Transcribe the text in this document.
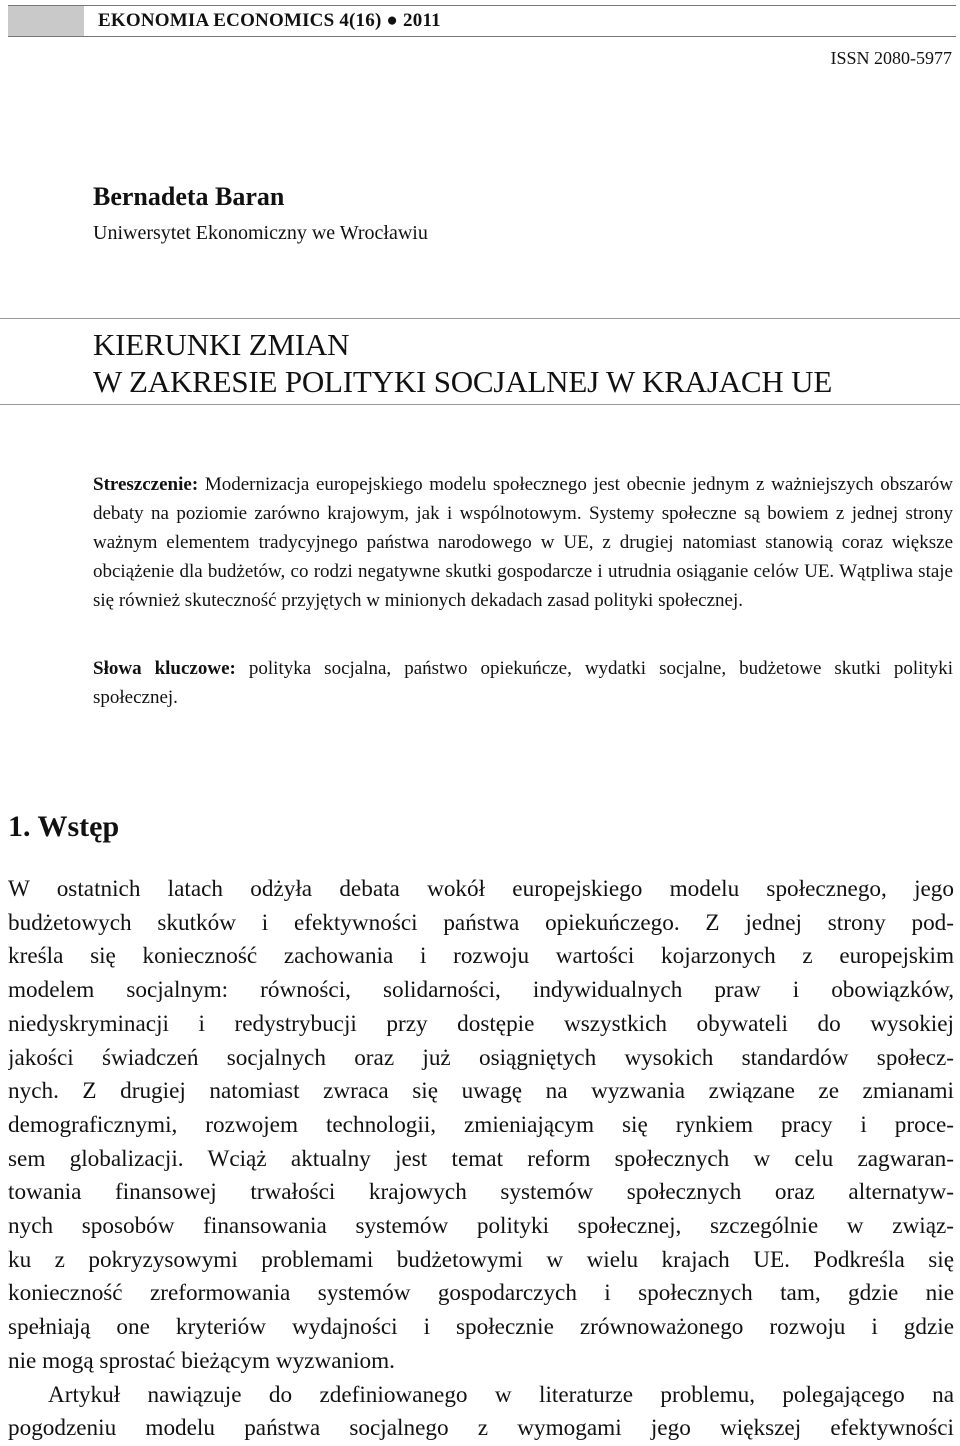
EKONOMIA ECONOMICS 4(16) ● 2011
ISSN 2080-5977
Bernadeta Baran
Uniwersytet Ekonomiczny we Wrocławiu
KIERUNKI ZMIAN
W ZAKRESIE POLITYKI SOCJALNEJ W KRAJACH UE

Streszczenie: Modernizacja europejskiego modelu społecznego jest obecnie jednym z ważniejszych obszarów debaty na poziomie zarówno krajowym, jak i wspólnotowym. Systemy społeczne są bowiem z jednej strony ważnym elementem tradycyjnego państwa narodowego w UE, z drugiej natomiast stanowią coraz większe obciążenie dla budżetów, co rodzi negatywne skutki gospodarcze i utrudnia osiąganie celów UE. Wątpliwa staje się również skuteczność przyjętych w minionych dekadach zasad polityki społecznej.

Słowa kluczowe: polityka socjalna, państwo opiekuńcze, wydatki socjalne, budżetowe skutki polityki społecznej.
1. Wstęp
W ostatnich latach odżyła debata wokół europejskiego modelu społecznego, jego
budżetowych skutków i efektywności państwa opiekuńczego. Z jednej strony pod-
kreśla się konieczność zachowania i rozwoju wartości kojarzonych z europejskim
modelem socjalnym: równości, solidarności, indywidualnych praw i obowiązków,
niedyskryminacji i redystrybucji przy dostępie wszystkich obywateli do wysokiej
jakości świadczeń socjalnych oraz już osiągniętych wysokich standardów społecz-
nych. Z drugiej natomiast zwraca się uwagę na wyzwania związane ze zmianami
demograficznymi, rozwojem technologii, zmieniającym się rynkiem pracy i proce-
sem globalizacji. Wciąż aktualny jest temat reform społecznych w celu zagwaran-
towania finansowej trwałości krajowych systemów społecznych oraz alternatyw-
nych sposobów finansowania systemów polityki społecznej, szczególnie w związ-
ku z pokryzysowymi problemami budżetowymi w wielu krajach UE. Podkreśla się
konieczność zreformowania systemów gospodarczych i społecznych tam, gdzie nie
spełniają one kryteriów wydajności i społecznie zrównoważonego rozwoju i gdzie
nie mogą sprostać bieżącym wyzwaniom.
Artykuł nawiązuje do zdefiniowanego w literaturze problemu, polegającego na
pogodzeniu modelu państwa socjalnego z wymogami jego większej efektywności
